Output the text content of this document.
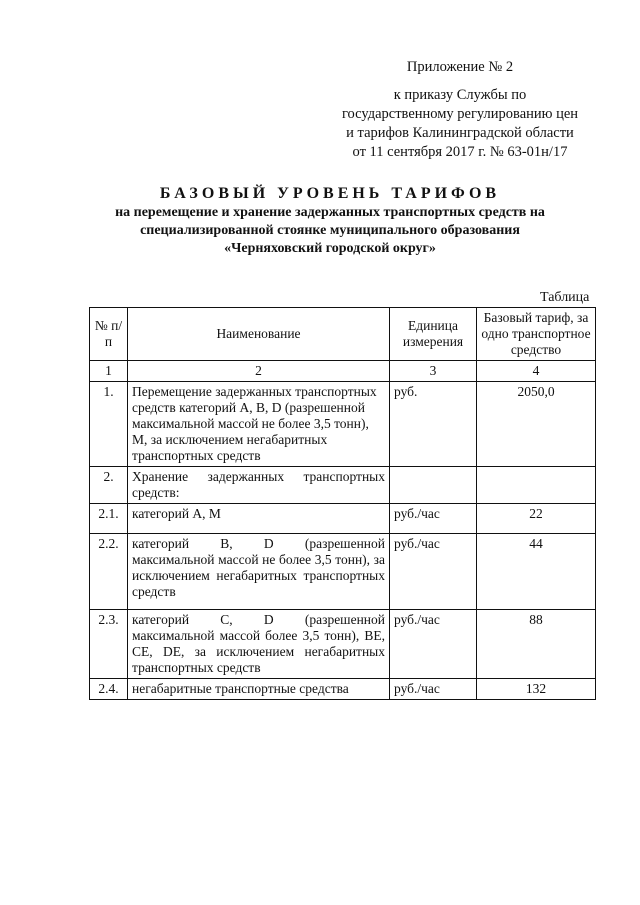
Приложение № 2
к приказу Службы по
государственному регулированию цен
и тарифов Калининградской области
от 11 сентября 2017 г. № 63-01н/17
БАЗОВЫЙ УРОВЕНЬ ТАРИФОВ
на перемещение и хранение задержанных транспортных средств на
специализированной стоянке муниципального образования
«Черняховский городской округ»
Таблица
№ п/п	Наименование	Единица измерения	Базовый тариф, за одно транспортное средство
1	2	3	4
1.	Перемещение задержанных транспортных средств категорий A, B, D (разрешенной максимальной массой не более 3,5 тонн), M, за исключением негабаритных транспортных средств	руб.	2050,0
2.	Хранение задержанных транспортных средств:		
2.1.	категорий A, M	руб./час	22
2.2.	категорий B, D (разрешенной максимальной массой не более 3,5 тонн), за исключением негабаритных транспортных средств	руб./час	44
2.3.	категорий C, D (разрешенной максимальной массой более 3,5 тонн), BE, CE, DE, за исключением негабаритных транспортных средств	руб./час	88
2.4.	негабаритные транспортные средства	руб./час	132
